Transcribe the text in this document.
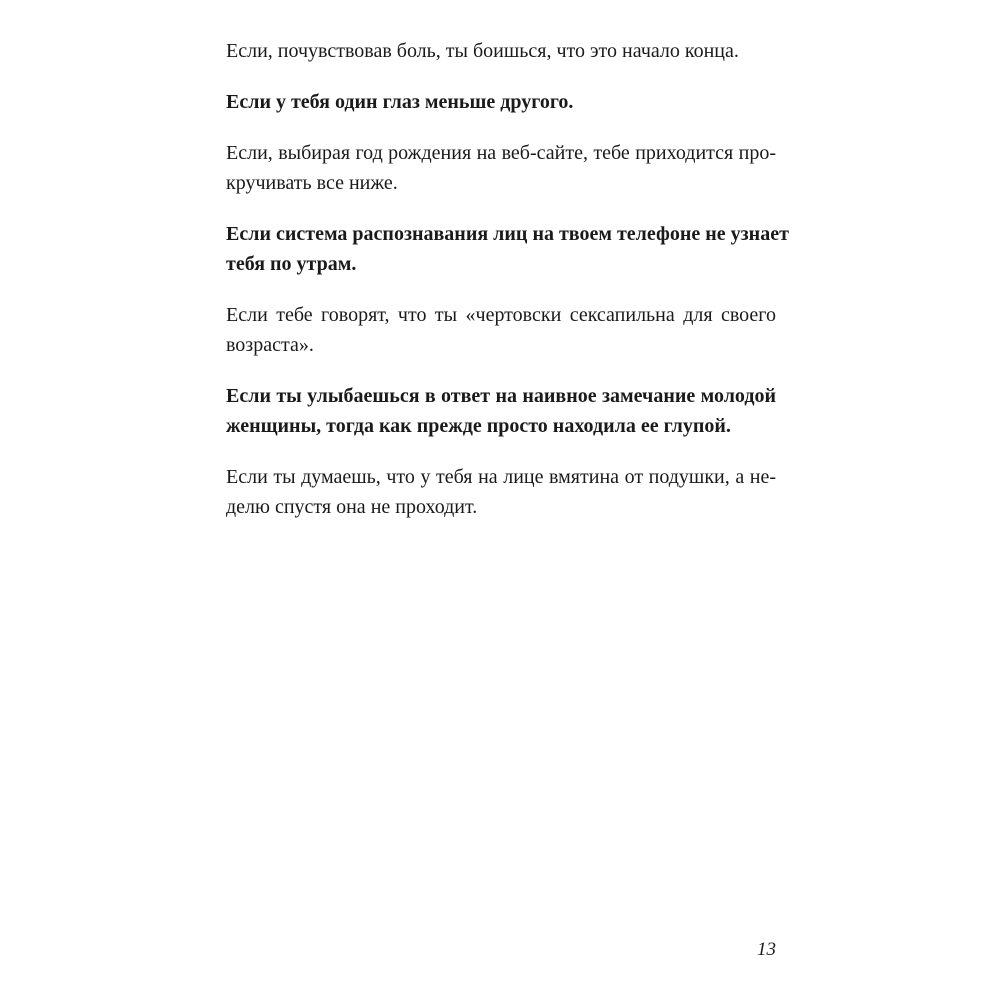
Если, почувствовав боль, ты боишься, что это начало конца.

Если у тебя один глаз меньше другого.

Если, выбирая год рождения на веб-сайте, тебе приходится про-
кручивать все ниже.

Если система распознавания лиц на твоем телефоне не узнает
тебя по утрам.

Если тебе говорят, что ты «чертовски сексапильна для своего
возраста».

Если ты улыбаешься в ответ на наивное замечание молодой
женщины, тогда как прежде просто находила ее глупой.

Если ты думаешь, что у тебя на лице вмятина от подушки, а не-
делю спустя она не проходит.

13
